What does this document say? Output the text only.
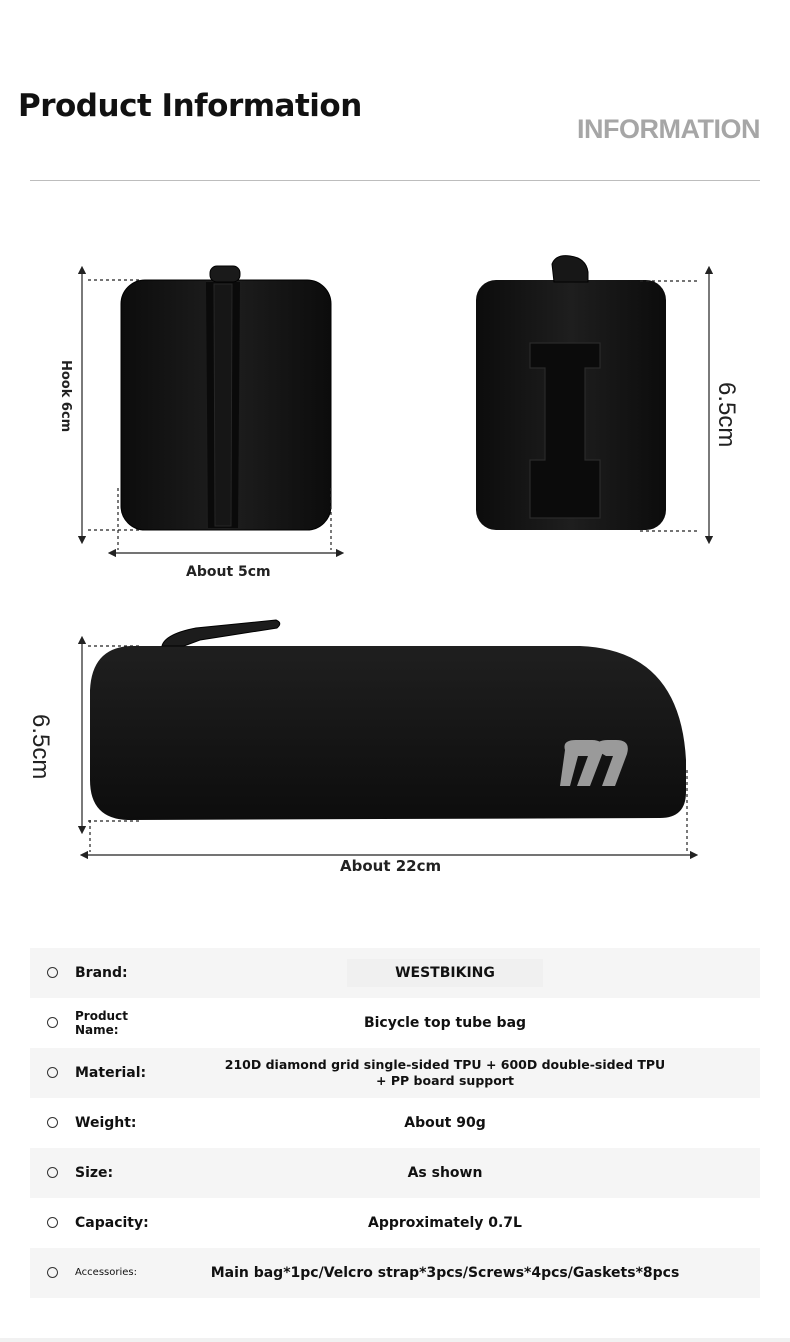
Product Information
INFORMATION
Hook 6cm
About 5cm
6.5cm
6.5cm
About 22cm
Brand:	WESTBIKING
Product Name:	Bicycle top tube bag
Material:
210D diamond grid single-sided TPU + 600D double-sided TPU + PP board support
Weight:	About 90g
Size:	As shown
Capacity:	Approximately 0.7L
Accessories:	Main bag*1pc/Velcro strap*3pcs/Screws*4pcs/Gaskets*8pcs
